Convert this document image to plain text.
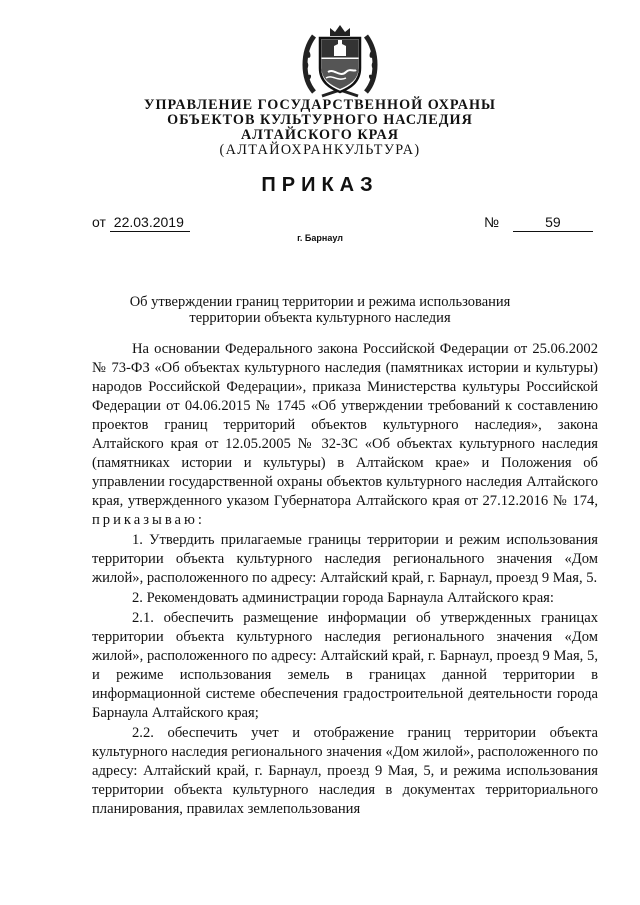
УПРАВЛЕНИЕ ГОСУДАРСТВЕННОЙ ОХРАНЫ
ОБЪЕКТОВ КУЛЬТУРНОГО НАСЛЕДИЯ
АЛТАЙСКОГО КРАЯ
(АЛТАЙОХРАНКУЛЬТУРА)
ПРИКАЗ
от 22.03.2019	№	59
г. Барнаул
Об утверждении границ территории и режима использования
территории объекта культурного наследия

На основании Федерального закона Российской Федерации от 25.06.2002 № 73-ФЗ «Об объектах культурного наследия (памятниках истории и культуры) народов Российской Федерации», приказа Министерства культуры Российской Федерации от 04.06.2015 № 1745 «Об утверждении требований к составлению проектов границ территорий объектов культурного наследия», закона Алтайского края от 12.05.2005 № 32-ЗС «Об объектах культурного наследия (памятниках истории и культуры) в Алтайском крае» и Положения об управлении государственной охраны объектов культурного наследия Алтайского края, утвержденного указом Губернатора Алтайского края от 27.12.2016 № 174, приказываю:

1. Утвердить прилагаемые границы территории и режим использования территории объекта культурного наследия регионального значения «Дом жилой», расположенного по адресу: Алтайский край, г. Барнаул, проезд 9 Мая, 5.

2. Рекомендовать администрации города Барнаула Алтайского края:

2.1. обеспечить размещение информации об утвержденных границах территории объекта культурного наследия регионального значения «Дом жилой», расположенного по адресу: Алтайский край, г. Барнаул, проезд 9 Мая, 5, и режиме использования земель в границах данной территории в информационной системе обеспечения градостроительной деятельности города Барнаула Алтайского края;

2.2. обеспечить учет и отображение границ территории объекта культурного наследия регионального значения «Дом жилой», расположенного по адресу: Алтайский край, г. Барнаул, проезд 9 Мая, 5, и режима использования территории объекта культурного наследия в документах территориального планирования, правилах землепользования
